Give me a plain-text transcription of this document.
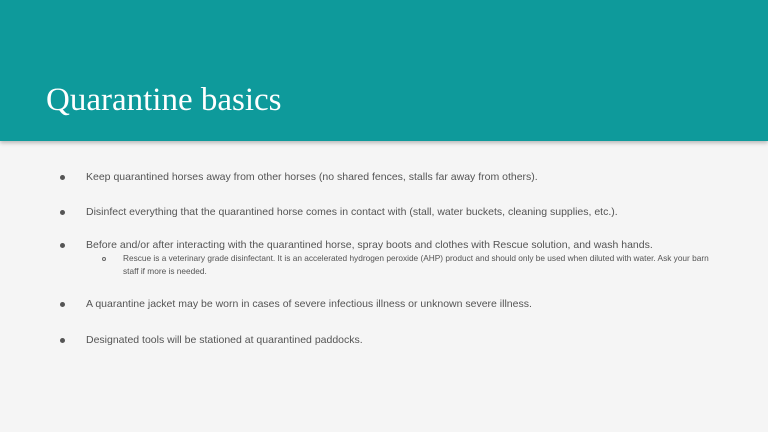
Quarantine basics
Keep quarantined horses away from other horses (no shared fences, stalls far away from others).
Disinfect everything that the quarantined horse comes in contact with (stall, water buckets, cleaning supplies, etc.).
Before and/or after interacting with the quarantined horse, spray boots and clothes with Rescue solution, and wash hands.
Rescue is a veterinary grade disinfectant. It is an accelerated hydrogen peroxide (AHP) product and should only be used when diluted with water. Ask your barn staff if more is needed.
A quarantine jacket may be worn in cases of severe infectious illness or unknown severe illness.
Designated tools will be stationed at quarantined paddocks.
